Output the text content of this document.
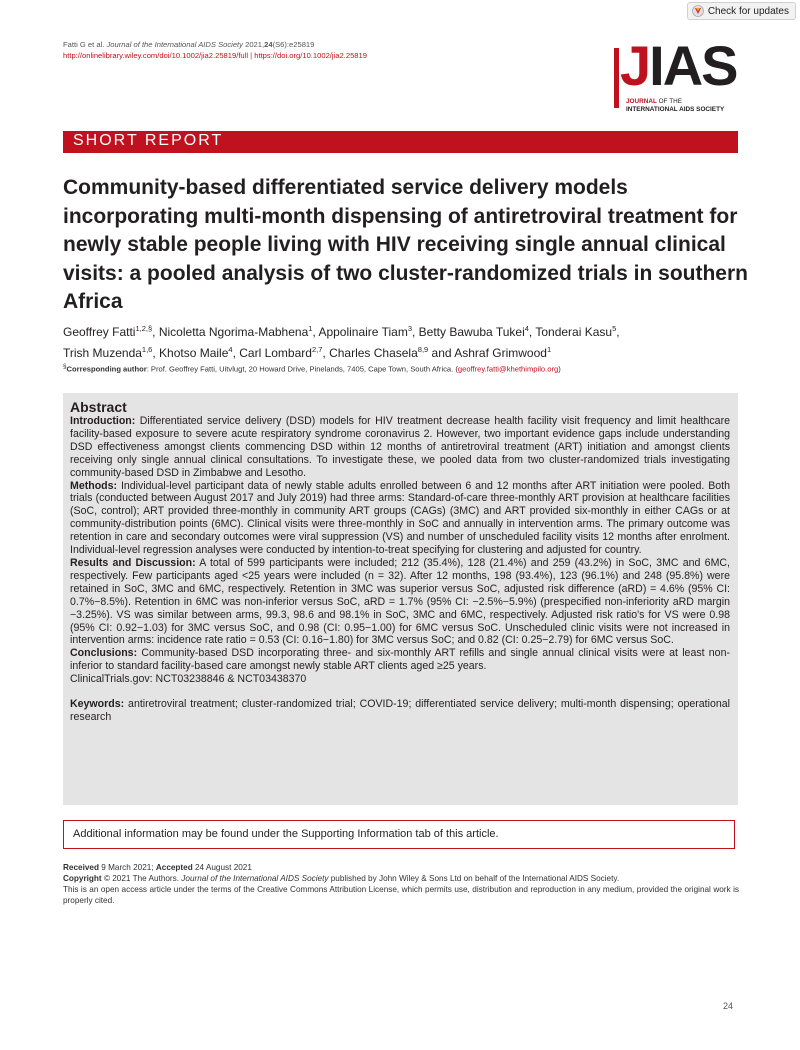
Check for updates
Fatti G et al. Journal of the International AIDS Society 2021,24(S6):e25819
http://onlinelibrary.wiley.com/doi/10.1002/jia2.25819/full | https://doi.org/10.1002/jia2.25819	JIAS
JOURNAL OF THE
INTERNATIONAL AIDS SOCIETY
SHORT REPORT
Community-based differentiated service delivery models incorporating multi-month dispensing of antiretroviral treatment for newly stable people living with HIV receiving single annual clinical visits: a pooled analysis of two cluster-randomized trials in southern Africa
Geoffrey Fatti$^{1,2,\S}$, Nicoletta Ngorima-Mabhena$^1$, Appolinaire Tiam$^3$, Betty Bawuba Tukei$^4$, Tonderai Kasu$^5$,
Trish Muzenda$^{1,6}$, Khotso Maile$^4$, Carl Lombard$^{2,7}$, Charles Chasela$^{8,9}$ and Ashraf Grimwood$^1$
§Corresponding author: Prof. Geoffrey Fatti, Uitvlugt, 20 Howard Drive, Pinelands, 7405, Cape Town, South Africa. (geoffrey.fatti@khethimpilo.org)
Abstract

Introduction: Differentiated service delivery (DSD) models for HIV treatment decrease health facility visit frequency and limit healthcare facility-based exposure to severe acute respiratory syndrome coronavirus 2. However, two important evidence gaps include understanding DSD effectiveness amongst clients commencing DSD within 12 months of antiretroviral treatment (ART) initiation and amongst clients receiving only single annual clinical consultations. To investigate these, we pooled data from two cluster-randomized trials investigating community-based DSD in Zimbabwe and Lesotho.

Methods: Individual-level participant data of newly stable adults enrolled between 6 and 12 months after ART initiation were pooled. Both trials (conducted between August 2017 and July 2019) had three arms: Standard-of-care three-monthly ART provision at healthcare facilities (SoC, control); ART provided three-monthly in community ART groups (CAGs) (3MC) and ART provided six-monthly in either CAGs or at community-distribution points (6MC). Clinical visits were three-monthly in SoC and annually in intervention arms. The primary outcome was retention in care and secondary outcomes were viral suppression (VS) and number of unscheduled facility visits 12 months after enrolment. Individual-level regression analyses were conducted by intention-to-treat specifying for clustering and adjusted for country.

Results and Discussion: A total of 599 participants were included; 212 (35.4%), 128 (21.4%) and 259 (43.2%) in SoC, 3MC and 6MC, respectively. Few participants aged <25 years were included (n = 32). After 12 months, 198 (93.4%), 123 (96.1%) and 248 (95.8%) were retained in SoC, 3MC and 6MC, respectively. Retention in 3MC was superior versus SoC, adjusted risk difference (aRD) = 4.6% (95% CI: 0.7%−8.5%). Retention in 6MC was non-inferior versus SoC, aRD = 1.7% (95% CI: −2.5%−5.9%) (prespecified non-inferiority aRD margin −3.25%). VS was similar between arms, 99.3, 98.6 and 98.1% in SoC, 3MC and 6MC, respectively. Adjusted risk ratio's for VS were 0.98 (95% CI: 0.92−1.03) for 3MC versus SoC, and 0.98 (CI: 0.95−1.00) for 6MC versus SoC. Unscheduled clinic visits were not increased in intervention arms: incidence rate ratio = 0.53 (CI: 0.16−1.80) for 3MC versus SoC; and 0.82 (CI: 0.25−2.79) for 6MC versus SoC.

Conclusions: Community-based DSD incorporating three- and six-monthly ART refills and single annual clinical visits were at least non-inferior to standard facility-based care amongst newly stable ART clients aged ≥25 years.

ClinicalTrials.gov: NCT03238846 & NCT03438370

Keywords: antiretroviral treatment; cluster-randomized trial; COVID-19; differentiated service delivery; multi-month dispensing; operational research

Additional information may be found under the Supporting Information tab of this article.
Received 9 March 2021; Accepted 24 August 2021
Copyright © 2021 The Authors. Journal of the International AIDS Society published by John Wiley & Sons Ltd on behalf of the International AIDS Society.
This is an open access article under the terms of the Creative Commons Attribution License, which permits use, distribution and reproduction in any medium, provided the original work is properly cited.
24
